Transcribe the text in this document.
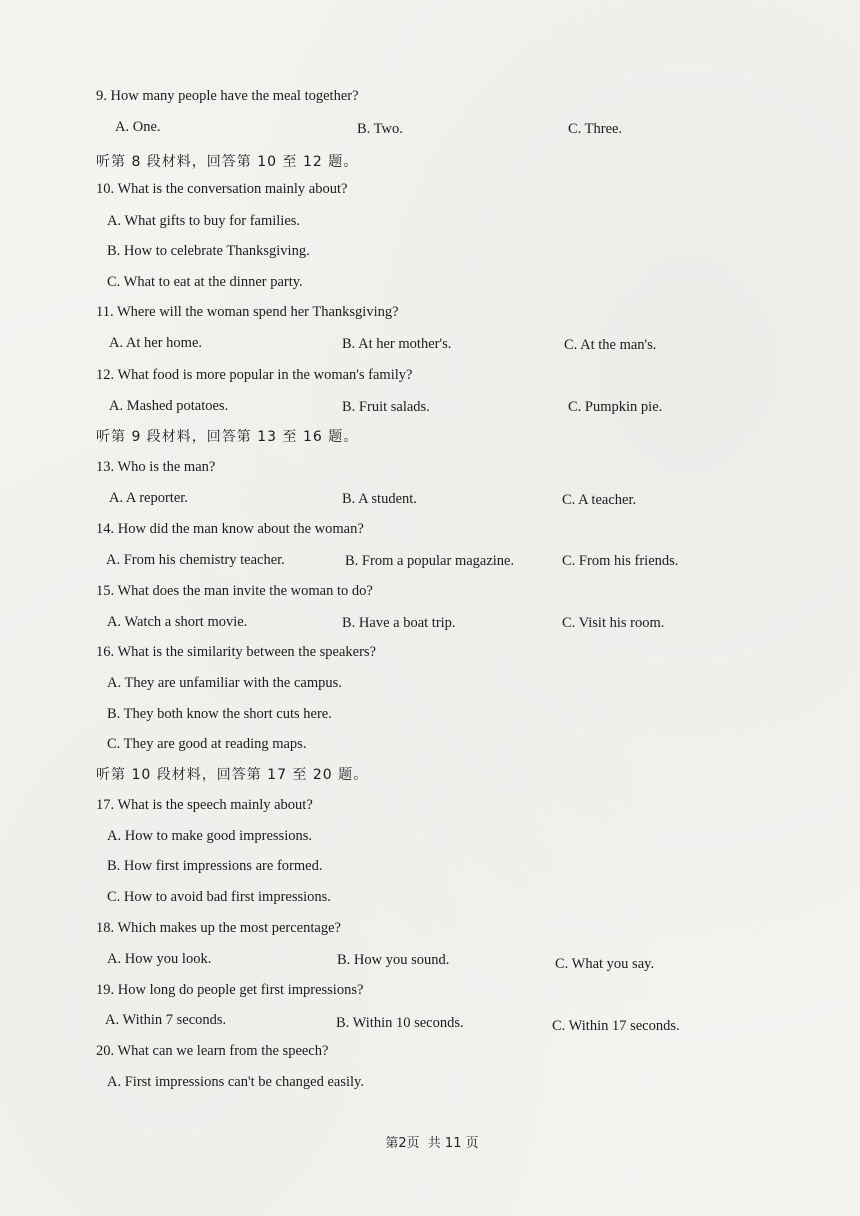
9. How many people have the meal together?
A. One.	B. Two.	C. Three.
听第 8 段材料，回答第 10 至 12 题。
10. What is the conversation mainly about?
A. What gifts to buy for families.
B. How to celebrate Thanksgiving.
C. What to eat at the dinner party.
11. Where will the woman spend her Thanksgiving?
A. At her home.	B. At her mother's.	C. At the man's.
12. What food is more popular in the woman's family?
A. Mashed potatoes.	B. Fruit salads.	C. Pumpkin pie.
听第 9 段材料，回答第 13 至 16 题。
13. Who is the man?
A. A reporter.	B. A student.	C. A teacher.
14. How did the man know about the woman?
A. From his chemistry teacher.	B. From a popular magazine.	C. From his friends.
15. What does the man invite the woman to do?
A. Watch a short movie.	B. Have a boat trip.	C. Visit his room.
16. What is the similarity between the speakers?
A. They are unfamiliar with the campus.
B. They both know the short cuts here.
C. They are good at reading maps.
听第 10 段材料，回答第 17 至 20 题。
17. What is the speech mainly about?
A. How to make good impressions.
B. How first impressions are formed.
C. How to avoid bad first impressions.
18. Which makes up the most percentage?
A. How you look.	B. How you sound.	C. What you say.
19. How long do people get first impressions?
A. Within 7 seconds.	B. Within 10 seconds.	C. Within 17 seconds.
20. What can we learn from the speech?
A. First impressions can't be changed easily.
第2页 共 11 页
